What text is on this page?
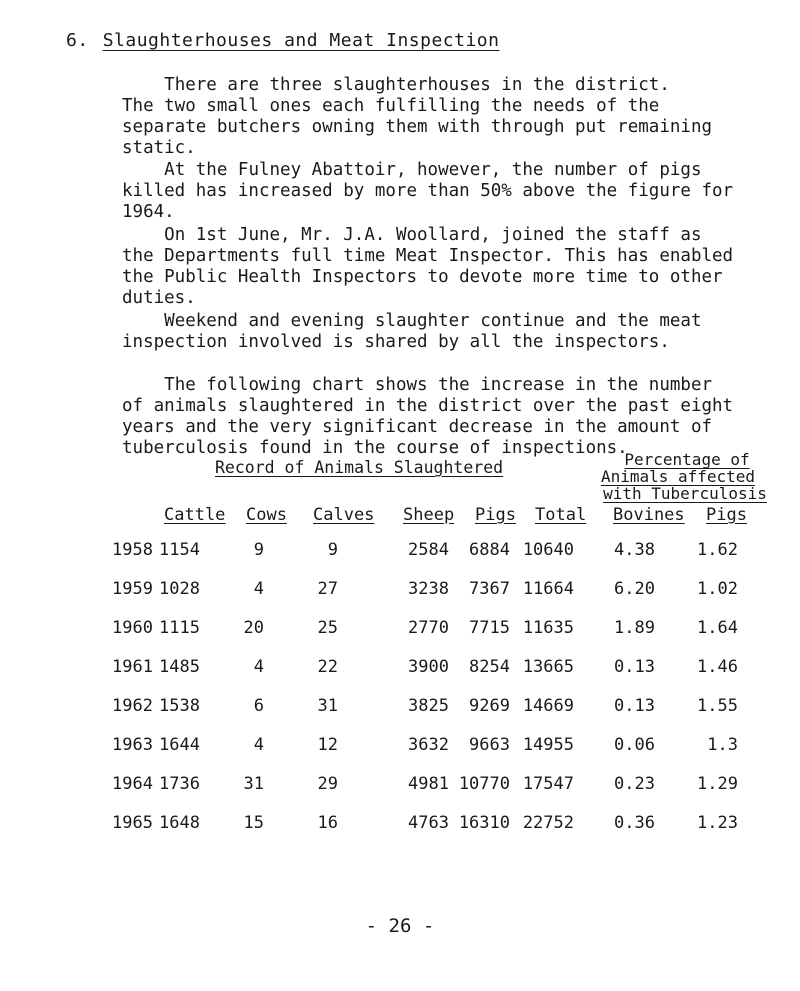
6. Slaughterhouses and Meat Inspection

There are three slaughterhouses in the district.
The two small ones each fulfilling the needs of the
separate butchers owning them with through put remaining
static.

At the Fulney Abattoir, however, the number of pigs
killed has increased by more than 50% above the figure for
1964.

On 1st June, Mr. J.A. Woollard, joined the staff as
the Departments full time Meat Inspector. This has enabled
the Public Health Inspectors to devote more time to other
duties.

Weekend and evening slaughter continue and the meat
inspection involved is shared by all the inspectors.

The following chart shows the increase in the number
of animals slaughtered in the district over the past eight
years and the very significant decrease in the amount of
tuberculosis found in the course of inspections.

Record of Animals Slaughtered	Percentage of
Animals affected
with Tuberculosis
Cattle Cows Calves Sheep Pigs Total Bovines Pigs
1958 1154	9	9	2584	6884 10640	4.38	1.62
1959 1028	4	27	3238	7367 11664	6.20	1.02
1960 1115	20	25	2770	7715 11635	1.89	1.64
1961 1485	4	22	3900	8254 13665	0.13	1.46
1962 1538	6	31	3825	9269 14669	0.13	1.55
1963 1644	4	12	3632	9663 14955	0.06	1.3
1964 1736	31	29	4981 10770 17547	0.23	1.29
1965 1648	15	16	4763 16310 22752	0.36	1.23
- 26 -
